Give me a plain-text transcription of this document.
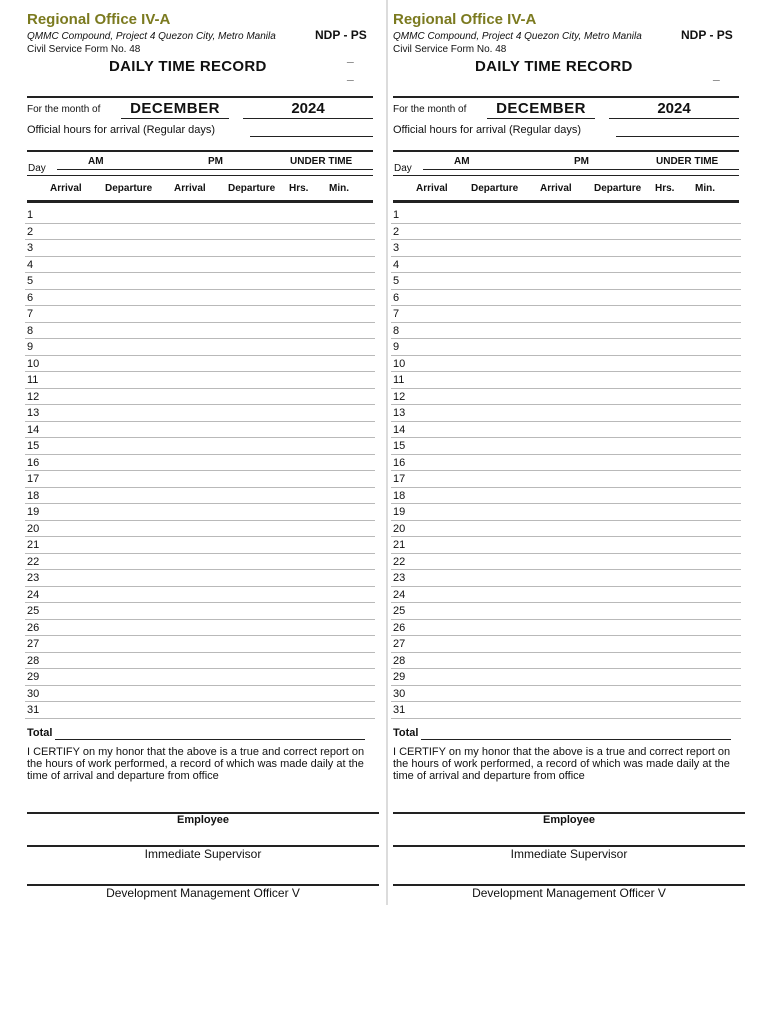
Regional Office IV-A
QMMC Compound, Project 4 Quezon City, Metro Manila
Civil Service Form No. 48
NDP - PS
_
_
DAILY TIME RECORD
For the month of	DECEMBER	2024
Official hours for arrival (Regular days)
AM	PM	UNDER TIME
Day
Arrival Departure Arrival Departure Hrs. Min.
1
2
3
4
5
6
7
8
9
10
11
12
13
14
15
16
17
18
19
20
21
22
23
24
25
26
27
28
29
30
31
Total
I CERTIFY on my honor that the above is a true and correct report on the hours of work performed, a record of which was made daily at the time of arrival and departure from office
Employee
Immediate Supervisor
Development Management Officer V
Regional Office IV-A
QMMC Compound, Project 4 Quezon City, Metro Manila
Civil Service Form No. 48
NDP - PS
_
DAILY TIME RECORD
For the month of	DECEMBER	2024
Official hours for arrival (Regular days)
AM	PM	UNDER TIME
Day
Arrival Departure Arrival Departure Hrs. Min.
1
2
3
4
5
6
7
8
9
10
11
12
13
14
15
16
17
18
19
20
21
22
23
24
25
26
27
28
29
30
31
Total
I CERTIFY on my honor that the above is a true and correct report on the hours of work performed, a record of which was made daily at the time of arrival and departure from office
Employee
Immediate Supervisor
Development Management Officer V
